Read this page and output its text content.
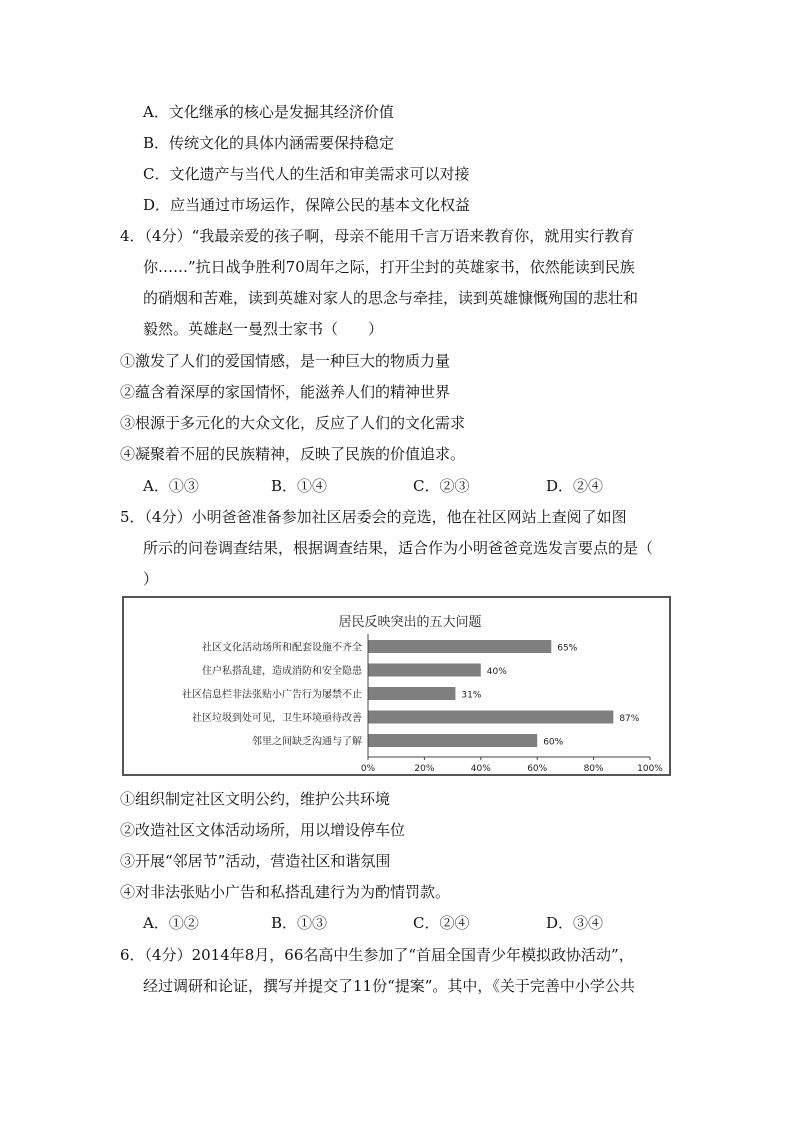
A．文化继承的核心是发掘其经济价值
B．传统文化的具体内涵需要保持稳定
C．文化遗产与当代人的生活和审美需求可以对接
D．应当通过市场运作，保障公民的基本文化权益
4．（4分）“我最亲爱的孩子啊，母亲不能用千言万语来教育你，就用实行教育
你……”抗日战争胜利70周年之际，打开尘封的英雄家书，依然能读到民族
的硝烟和苦难，读到英雄对家人的思念与牵挂，读到英雄慷慨殉国的悲壮和
毅然。英雄赵一曼烈士家书（　　）
①激发了人们的爱国情感，是一种巨大的物质力量
②蕴含着深厚的家国情怀，能滋养人们的精神世界
③根源于多元化的大众文化，反应了人们的文化需求
④凝聚着不屈的民族精神，反映了民族的价值追求。
A．①③	B．①④	C．②③	D．②④
5．（4分）小明爸爸准备参加社区居委会的竞选，他在社区网站上查阅了如图
所示的问卷调查结果，根据调查结果，适合作为小明爸爸竞选发言要点的是（
）
居民反映突出的五大问题
社区文化活动场所和配套设施不齐全	65%
住户私搭乱建，造成消防和安全隐患	40%
社区信息栏非法张贴小广告行为屡禁不止	31%
社区垃圾到处可见，卫生环境亟待改善	87%
邻里之间缺乏沟通与了解	60%
0%	20%	40%	60%	80%	100%
①组织制定社区文明公约，维护公共环境
②改造社区文体活动场所，用以增设停车位
③开展“邻居节”活动，营造社区和谐氛围
④对非法张贴小广告和私搭乱建行为为酌情罚款。
A．①②	B．①③	C．②④	D．③④
6．（4分）2014年8月，66名高中生参加了“首届全国青少年模拟政协活动”，
经过调研和论证，撰写并提交了11份“提案”。其中，《关于完善中小学公共
